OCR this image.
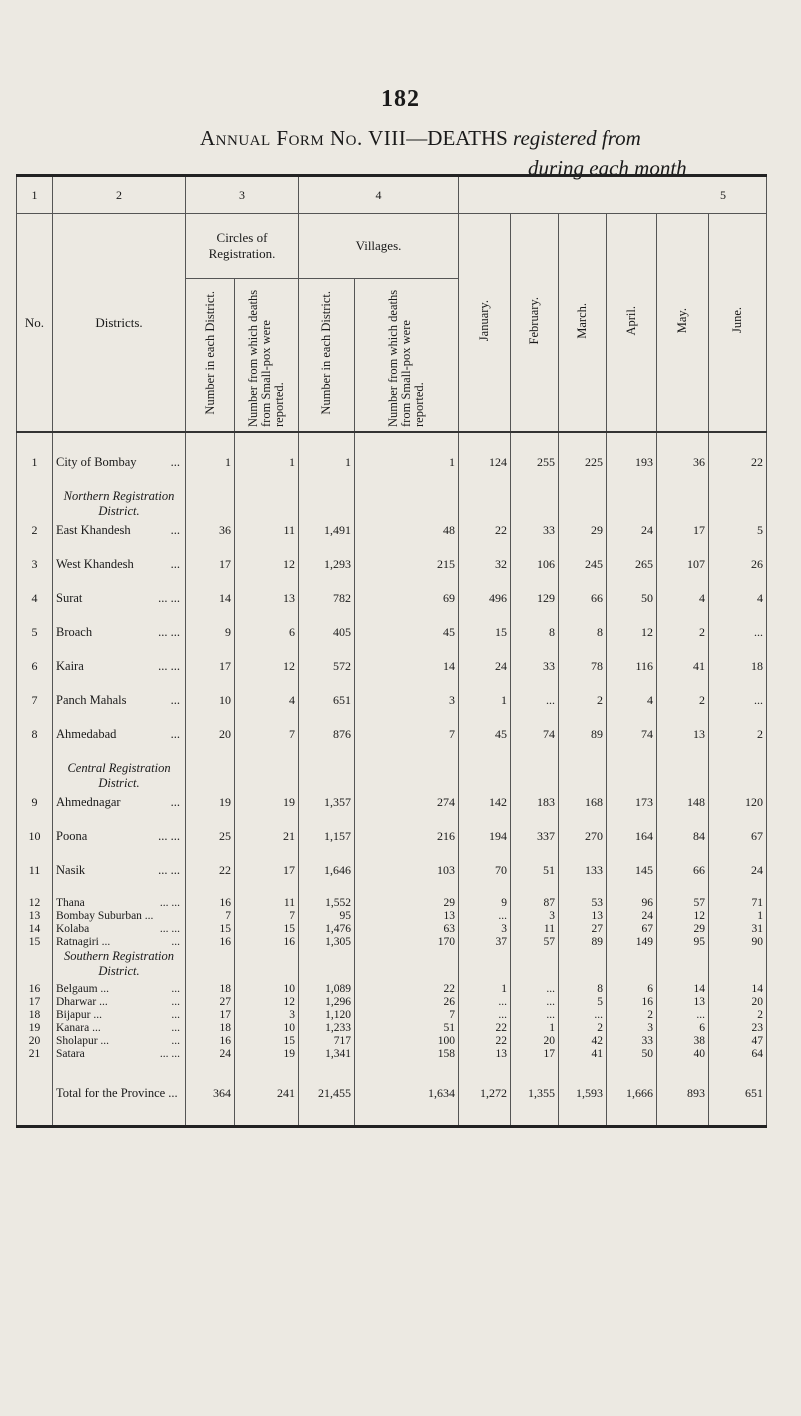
182
Annual Form No. VIII—DEATHS registered from
during each month
1	2	3		4		5					
No.	Districts.	Circles of Registration.		Villages.		January.	February.	March.	April.	May.	June.
		Number in each District.	Number from which deaths from Small-pox were reported.	Number in each District.	Number from which deaths from Small-pox were reported.						
1	City of Bombay ...	1	1	1	1	124	255	225	193	36	22
	Northern Registration District.										
2	East Khandesh ...	36	11	1,491	48	22	33	29	24	17	5
3	West Khandesh ...	17	12	1,293	215	32	106	245	265	107	26
4	Surat ... ...	14	13	782	69	496	129	66	50	4	4
5	Broach ... ...	9	6	405	45	15	8	8	12	2	...
6	Kaira ... ...	17	12	572	14	24	33	78	116	41	18
7	Panch Mahals ...	10	4	651	3	1	...	2	4	2	...
8	Ahmedabad ...	20	7	876	7	45	74	89	74	13	2
	Central Registration District.										
9	Ahmednagar ...	19	19	1,357	274	142	183	168	173	148	120
10	Poona ... ...	25	21	1,157	216	194	337	270	164	84	67
11	Nasik ... ...	22	17	1,646	103	70	51	133	145	66	24
12	Thana ... ...	16	11	1,552	29	9	87	53	96	57	71
13	Bombay Suburban ...	7	7	95	13	...	3	13	24	12	1
14	Kolaba ... ...	15	15	1,476	63	3	11	27	67	29	31
15	Ratnagiri ... ...	16	16	1,305	170	37	57	89	149	95	90
	Southern Registration District.										
16	Belgaum ... ...	18	10	1,089	22	1	...	8	6	14	14
17	Dharwar ... ...	27	12	1,296	26	...	...	5	16	13	20
18	Bijapur ... ...	17	3	1,120	7	...	...	...	2	...	2
19	Kanara ... ...	18	10	1,233	51	22	1	2	3	6	23
20	Sholapur ... ...	16	15	717	100	22	20	42	33	38	47
21	Satara ... ...	24	19	1,341	158	13	17	41	50	40	64

	Total for the Province ...	364	241	21,455	1,634	1,272	1,355	1,593	1,666	893	651
